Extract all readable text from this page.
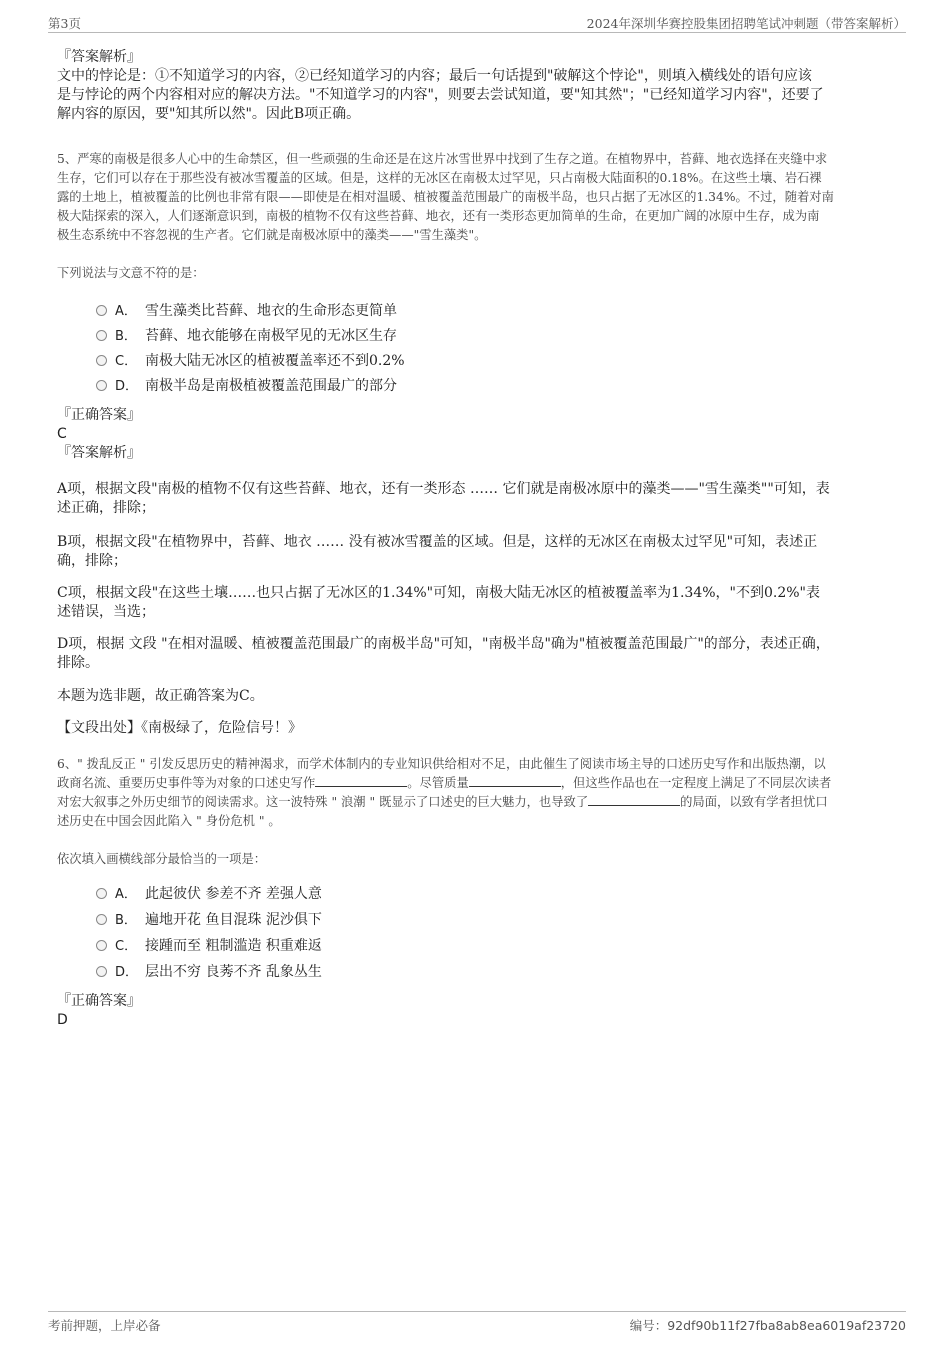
第3页	2024年深圳华赛控股集团招聘笔试冲刺题（带答案解析）

『答案解析』

文中的悖论是：①不知道学习的内容，②已经知道学习的内容；最后一句话提到"破解这个悖论"，则填入横线处的语句应该

是与悖论的两个内容相对应的解决方法。"不知道学习的内容"，则要去尝试知道，要"知其然"；"已经知道学习内容"，还要了

解内容的原因，要"知其所以然"。因此B项正确。

5、严寒的南极是很多人心中的生命禁区，但一些顽强的生命还是在这片冰雪世界中找到了生存之道。在植物界中，苔藓、地衣选择在夹缝中求

生存，它们可以存在于那些没有被冰雪覆盖的区域。但是，这样的无冰区在南极太过罕见，只占南极大陆面积的0.18%。在这些土壤、岩石裸

露的土地上，植被覆盖的比例也非常有限——即使是在相对温暖、植被覆盖范围最广的南极半岛，也只占据了无冰区的1.34%。不过，随着对南

极大陆探索的深入，人们逐渐意识到，南极的植物不仅有这些苔藓、地衣，还有一类形态更加简单的生命，在更加广阔的冰原中生存，成为南

极生态系统中不容忽视的生产者。它们就是南极冰原中的藻类——"雪生藻类"。

下列说法与文意不符的是：

A． 雪生藻类比苔藓、地衣的生命形态更简单
B． 苔藓、地衣能够在南极罕见的无冰区生存
C． 南极大陆无冰区的植被覆盖率还不到0.2%
D． 南极半岛是南极植被覆盖范围最广的部分

『正确答案』

C

『答案解析』

A项，根据文段"南极的植物不仅有这些苔藓、地衣，还有一类形态 …… 它们就是南极冰原中的藻类——"雪生藻类""可知，表

述正确，排除；

B项，根据文段"在植物界中，苔藓、地衣 …… 没有被冰雪覆盖的区域。但是，这样的无冰区在南极太过罕见"可知，表述正

确，排除；

C项，根据文段"在这些土壤……也只占据了无冰区的1.34%"可知，南极大陆无冰区的植被覆盖率为1.34%，"不到0.2%"表

述错误，当选；

D项，根据 文段 "在相对温暖、植被覆盖范围最广的南极半岛"可知，"南极半岛"确为"植被覆盖范围最广"的部分，表述正确，

排除。

本题为选非题，故正确答案为C。

【文段出处】《南极绿了，危险信号！》

6、" 拨乱反正 " 引发反思历史的精神渴求，而学术体制内的专业知识供给相对不足，由此催生了阅读市场主导的口述历史写作和出版热潮，以

政商名流、重要历史事件等为对象的口述史写作	。尽管质量	，但这些作品也在一定程度上满足了不同层次读者

对宏大叙事之外历史细节的阅读需求。这一波特殊 " 浪潮 " 既显示了口述史的巨大魅力，也导致了	的局面，以致有学者担忧口

述历史在中国会因此陷入 " 身份危机 " 。

依次填入画横线部分最恰当的一项是：

A． 此起彼伏 参差不齐 差强人意
B． 遍地开花 鱼目混珠 泥沙俱下
C． 接踵而至 粗制滥造 积重难返
D． 层出不穷 良莠不齐 乱象丛生

『正确答案』

D

考前押题，上岸必备	编号：92df90b11f27fba8ab8ea6019af23720
